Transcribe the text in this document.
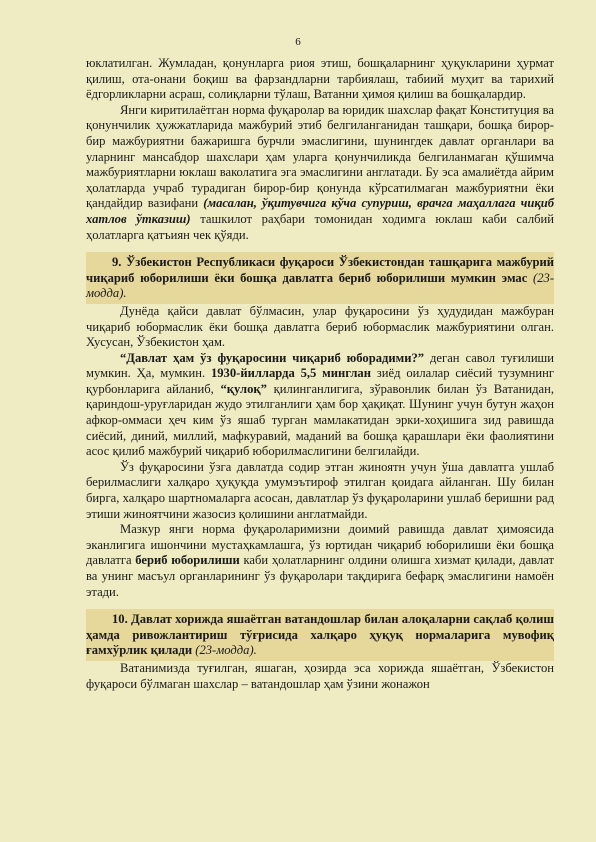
6

юклатилган. Жумладан, қонунларга риоя этиш, бошқаларнинг ҳуқукларини ҳурмат қилиш, ота-онани боқиш ва фарзандларни тарбиялаш, табиий муҳит ва тарихий ёдгорликларни асраш, солиқларни тўлаш, Ватанни ҳимоя қилиш ва бошқалардир.

Янги киритилаётган норма фуқаролар ва юридик шахслар фақат Конституция ва қонунчилик ҳужжатларида мажбурий этиб белгиланганидан ташқари, бошқа бирор-бир мажбуриятни бажаришга бурчли эмаслигини, шунингдек давлат органлари ва уларнинг мансабдор шахслари ҳам уларга қонунчиликда белгиланмаган қўшимча мажбуриятларни юклаш ваколатига эга эмаслигини англатади. Бу эса амалиётда айрим ҳолатларда учраб турадиган бирор-бир қонунда кўрсатилмаган мажбуриятни ёки қандайдир вазифани (масалан, ўқитувчига кўча супуриш, врачга маҳаллага чиқиб хатлов ўтказиш) ташкилот раҳбари томонидан ходимга юклаш каби салбий ҳолатларга қатъиян чек қўяди.

9. Ўзбекистон Республикаси фуқароси Ўзбекистондан ташқарига мажбурий чиқариб юборилиши ёки бошқа давлатга бериб юборилиши мумкин эмас (23-модда).

Дунёда қайси давлат бўлмасин, улар фуқаросини ўз ҳудудидан мажбуран чиқариб юбормаслик ёки бошқа давлатга бериб юбормаслик мажбуриятини олган. Хусусан, Ўзбекистон ҳам.

“Давлат ҳам ўз фуқаросини чиқариб юборадими?” деган савол туғилиши мумкин. Ҳа, мумкин. 1930-йилларда 5,5 минглан зиёд оилалар сиёсий тузумнинг қурбонларига айланиб, “қулоқ” қилинганлигига, зўравонлик билан ўз Ватанидан, қариндош-уруғларидан жудо этилганлиги ҳам бор ҳақиқат. Шунинг учун бутун жаҳон афкор-оммаси ҳеч ким ўз яшаб турган мамлакатидан эрки-хоҳишига зид равишда сиёсий, диний, миллий, мафкуравий, маданий ва бошқа қарашлари ёки фаолиятини асос қилиб мажбурий чиқариб юборилмаслигини белгилайди.

Ўз фуқаросини ўзга давлатда содир этган жиноятн учун ўша давлатга ушлаб берилмаслиги халқаро ҳуқуқда умумэътироф этилган қоидага айланган. Шу билан бирга, халқаро шартномаларга асосан, давлатлар ўз фуқароларини ушлаб беришни рад этиши жиноятчини жазосиз қолишини англатмайди.

Мазкур янги норма фуқароларимизни доимий равишда давлат ҳимоясида эканлигига ишончини мустаҳкамлашга, ўз юртидан чиқариб юборилиши ёки бошқа давлатга бериб юборилиши каби ҳолатларнинг олдини олишга хизмат қилади, давлат ва унинг масъул органларининг ўз фуқаролари тақдирига бефарқ эмаслигини намоён этади.

10. Давлат хорижда яшаётган ватандошлар билан алоқаларни сақлаб қолиш ҳамда ривожлантириш тўғрисида халқаро ҳуқуқ нормаларига мувофиқ ғамхўрлик қилади (23-модда).

Ватанимизда туғилган, яшаган, ҳозирда эса хорижда яшаётган, Ўзбекистон фуқароси бўлмаган шахслар – ватандошлар ҳам ўзини жонажон
